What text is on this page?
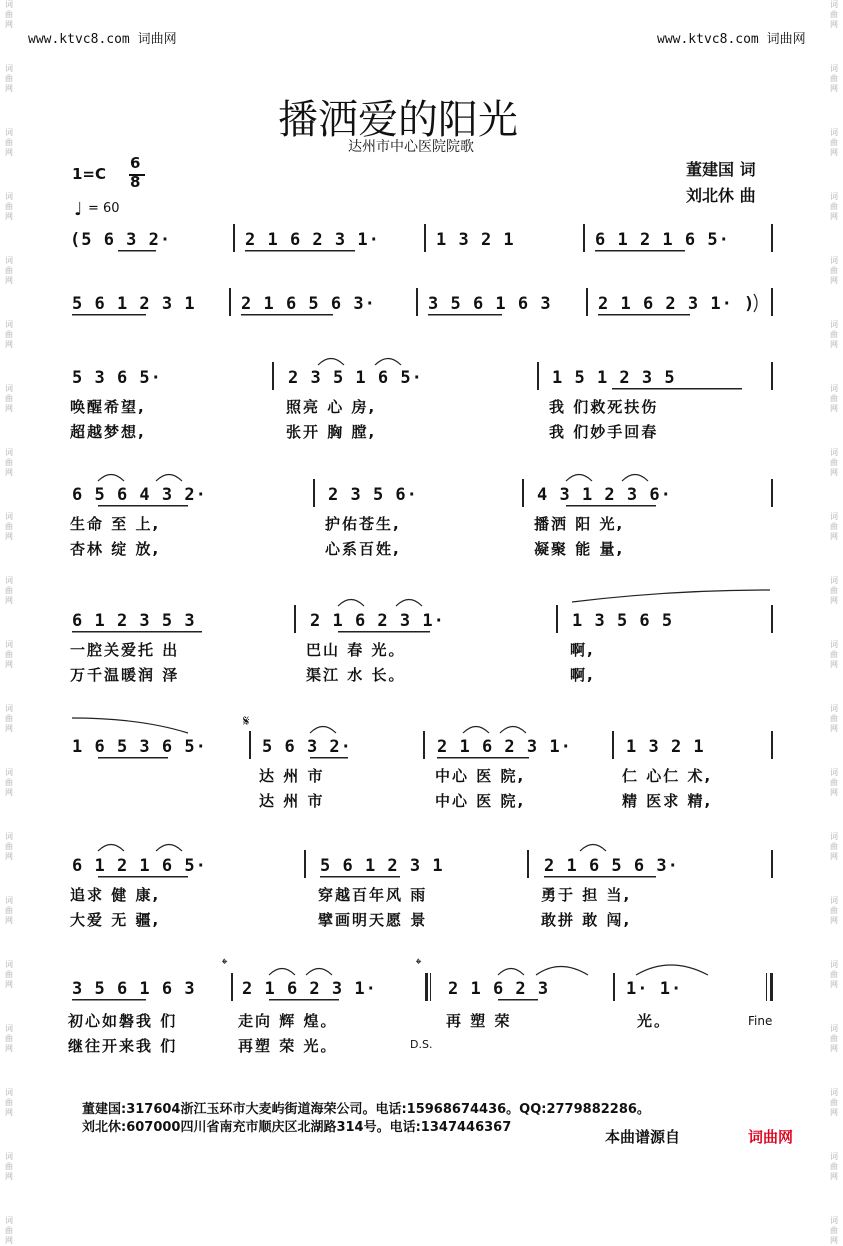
词
曲
网
词
曲
网
词
曲
网
词
曲
网
词
曲
网
词
曲
网
词
曲
网
词
曲
网
词
曲
网
词
曲
网
词
曲
网
词
曲
网
词
曲
网
词
曲
网
词
曲
网
词
曲
网
词
曲
网
词
曲
网
词
曲
网
词
曲
网
词
曲
网
词
曲
网
词
曲
网
词
曲
网
词
曲
网
词
曲
网
词
曲
网
词
曲
网
词
曲
网
词
曲
网
词
曲
网
词
曲
网
词
曲
网
词
曲
网
词
曲
网
词
曲
网
词
曲
网
词
曲
网
词
曲
网
词
曲
网
www.ktvc8.com 词曲网	www.ktvc8.com 词曲网
播洒爱的阳光
达州市中心医院院歌
董建国 词
刘北休 曲
1=C
6
8
♩ = 60
(5 6 3 2·	2 1 6 2 3 1·	1 3 2 1	6 1 2 1 6 5·
5 6 1 2 3 1	2 1 6 5 6 3·	3 5 6 1 6 3	2 1 6 2 3 1· )
5 3 6 5·	2 3 5 1 6 5·	1 5 1 2 3 5
唤醒希望,	照亮 心 房,	我 们救死扶伤
超越梦想,	张开 胸 膛,	我 们妙手回春
6 5 6 4 3 2·	2 3 5 6·	4 3 1 2 3 6·
生命 至 上,	护佑苍生,	播洒 阳 光,
杏林 绽 放,	心系百姓,	凝聚 能 量,
6 1 2 3 5 3	2 1 6 2 3 1·	1 3 5 6 5
一腔关爱托 出	巴山 春 光。	啊,
万千温暖润 泽	渠江 水 长。	啊,
1 6 5 3 6 5·	5 6 3 2·	2 1 6 2 3 1·	1 3 2 1
达 州 市	中心 医 院,	仁 心仁 术,
达 州 市	中心 医 院,	精 医求 精,
6 1 2 1 6 5·	5 6 1 2 3 1	2 1 6 5 6 3·
追求 健 康,	穿越百年风 雨	勇于 担 当,
大爱 无 疆,	擘画明天愿 景	敢拼 敢 闯,
3 5 6 1 6 3	2 1 6 2 3 1·	2 1 6 2 3	1· 1·
初心如磐我 们	走向 辉 煌。	再 塑 荣	光。
继往开来我 们	再塑 荣 光。
Fine
D.S.
𝄋
𝄌	𝄌
董建国:317604浙江玉环市大麦屿街道海荣公司。电话:15968674436。QQ:2779882286。
刘北休:607000四川省南充市顺庆区北湖路314号。电话:1347446367
本曲谱源自	词曲网
